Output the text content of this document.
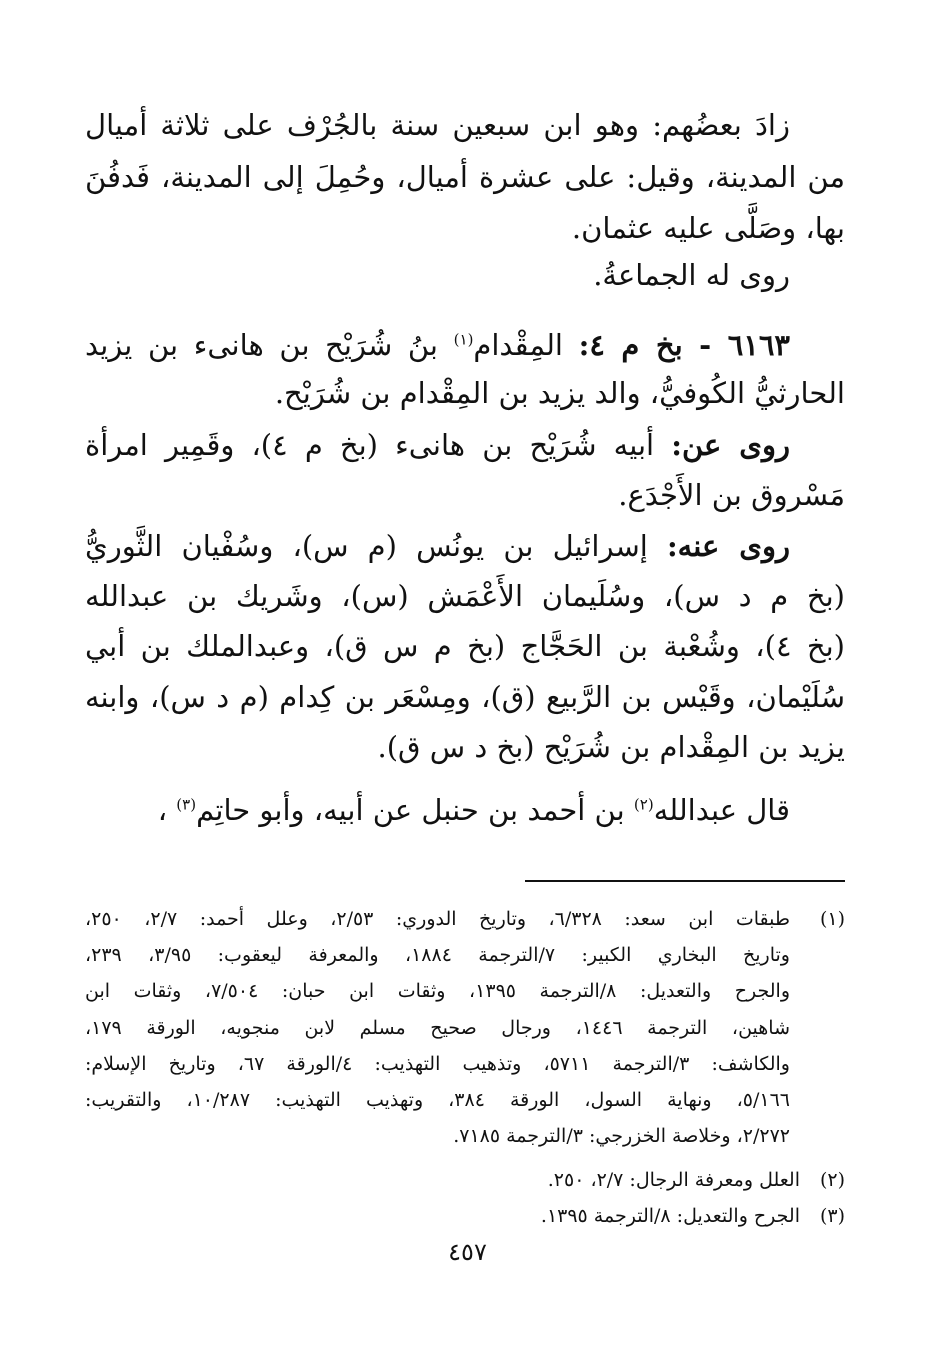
زادَ بعضُهم: وهو ابن سبعين سنة بالجُرْف على ثلاثة أميال
من المدينة، وقيل: على عشرة أميال، وحُمِلَ إلى المدينة، فَدفُنَ
بها، وصَلَّى عليه عثمان.
روى له الجماعةُ.
٦١٦٣ - بخ م ٤: المِقْدام$^{(١)}$ بنُ شُرَيْح بن هانىء بن يزيد
الحارثيُّ الكُوفيُّ، والد يزيد بن المِقْدام بن شُرَيْح.
روى عن: أبيه شُرَيْح بن هانىء (بخ م ٤)، وقَمِير امرأة
مَسْروق بن الأَجْدَع.
روى عنه: إسرائيل بن يونُس (م س)، وسُفْيان الثَّوريُّ
(بخ م د س)، وسُلَيمان الأَعْمَش (س)، وشَريك بن عبدالله
(بخ ٤)، وشُعْبة بن الحَجَّاج (بخ م س ق)، وعبدالملك بن أبي
سُلَيْمان، وقَيْس بن الرَّبيع (ق)، ومِسْعَر بن كِدام (م د س)، وابنه
يزيد بن المِقْدام بن شُرَيْح (بخ د س ق).
قال عبدالله$^{(٢)}$ بن أحمد بن حنبل عن أبيه، وأبو حاتِم$^{(٣)}$ ،
(١)
طبقات ابن سعد: ٦/٣٢٨، وتاريخ الدوري: ٢/٥٣، وعلل أحمد: ٢/٧، ٢٥٠،
وتاريخ البخاري الكبير: ٧/الترجمة ١٨٨٤، والمعرفة ليعقوب: ٣/٩٥، ٢٣٩،
والجرح والتعديل: ٨/الترجمة ١٣٩٥، وثقات ابن حبان: ٧/٥٠٤، وثقات ابن
شاهين، الترجمة ١٤٤٦، ورجال صحيح مسلم لابن منجويه، الورقة ١٧٩،
والكاشف: ٣/الترجمة ٥٧١١، وتذهيب التهذيب: ٤/الورقة ٦٧، وتاريخ الإسلام:
٥/١٦٦، ونهاية السول، الورقة ٣٨٤، وتهذيب التهذيب: ١٠/٢٨٧، والتقريب:
٢/٢٧٢، وخلاصة الخزرجي: ٣/الترجمة ٧١٨٥.
(٢)العلل ومعرفة الرجال: ٢/٧، ٢٥٠.
(٣)الجرح والتعديل: ٨/الترجمة ١٣٩٥.
٤٥٧
